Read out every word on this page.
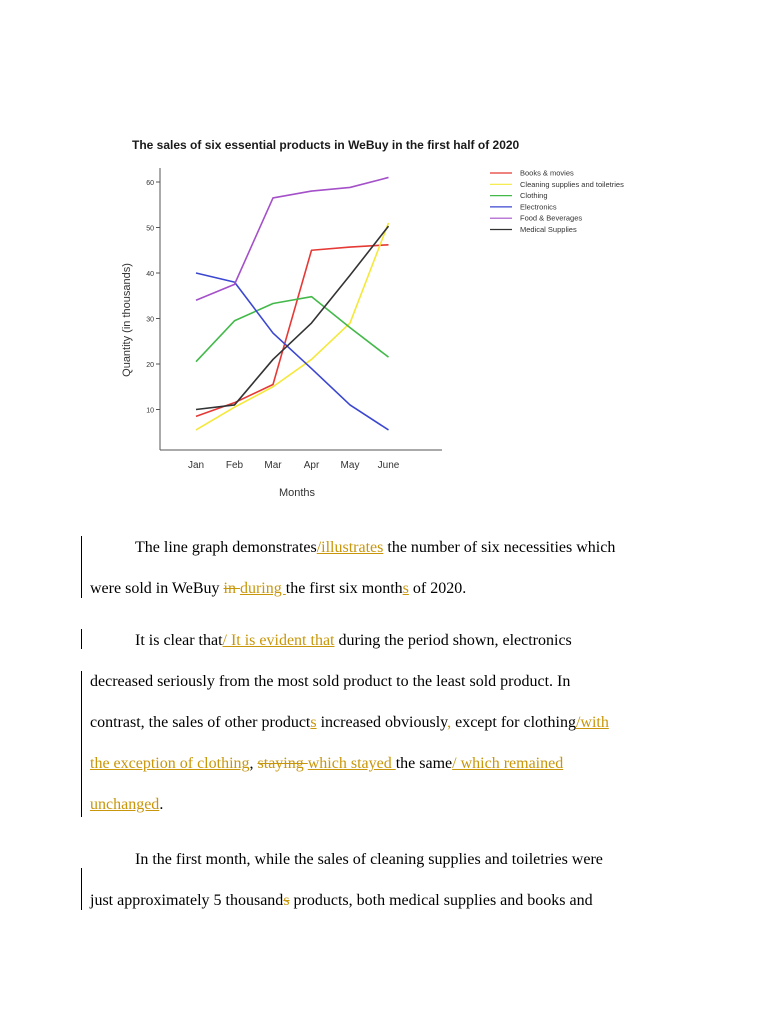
The sales of six essential products in WeBuy in the first half of 2020
10
20
30
40
50
60
Jan Feb Mar Apr May June
Months
Quantity (in thousands)
Books & movies
Cleaning supplies and toiletries
Clothing
Electronics
Food & Beverages
Medical Supplies
The line graph demonstrates/illustrates the number of six necessities which
were sold in WeBuy in during the first six months of 2020.
It is clear that/ It is evident that during the period shown, electronics
decreased seriously from the most sold product to the least sold product. In
contrast, the sales of other products increased obviously, except for clothing/with
the exception of clothing, staying which stayed the same/ which remained
unchanged.
In the first month, while the sales of cleaning supplies and toiletries were
just approximately 5 thousands products, both medical supplies and books and
